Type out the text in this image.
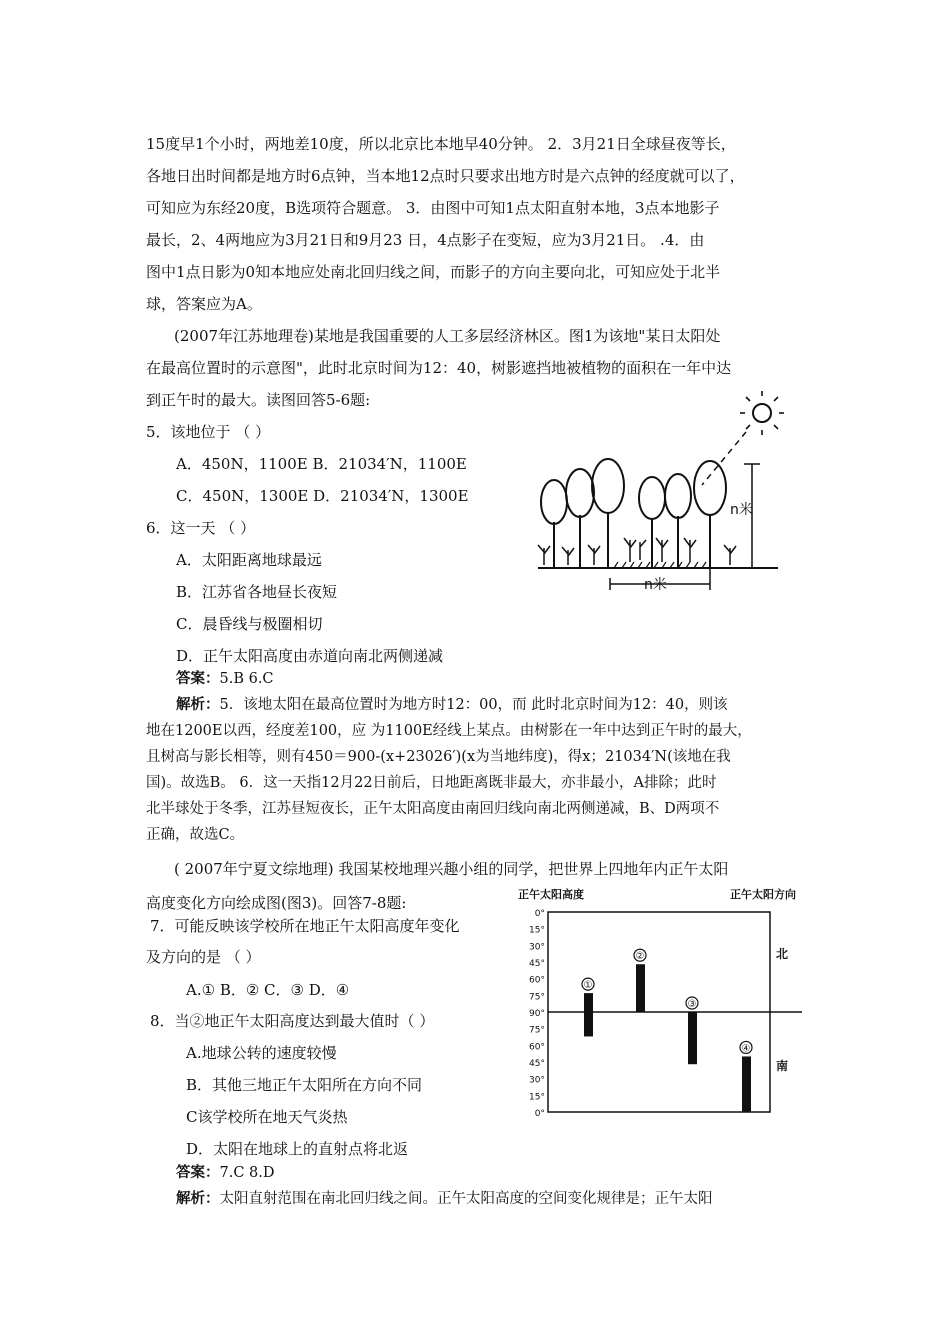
15度早1个小时，两地差10度，所以北京比本地早40分钟。 2．3月21日全球昼夜等长，
各地日出时间都是地方时6点钟，当本地12点时只要求出地方时是六点钟的经度就可以了，
可知应为东经20度，B选项符合题意。 3．由图中可知1点太阳直射本地，3点本地影子
最长，2、4两地应为3月21日和9月23 日，4点影子在变短，应为3月21日。 .4．由
图中1点日影为0知本地应处南北回归线之间，而影子的方向主要向北，可知应处于北半
球，答案应为A。
(2007年江苏地理卷)某地是我国重要的人工多层经济林区。图1为该地"某日太阳处
在最高位置时的示意图"，此时北京时间为12：40，树影遮挡地被植物的面积在一年中达
到正午时的最大。读图回答5-6题:
5．该地位于 （ ）
A．450N，1100E B．21034′N，1100E
C．450N，1300E D．21034′N，1300E
6．这一天 （ ）
A．太阳距离地球最远
B．江苏省各地昼长夜短
C．晨昏线与极圈相切
D．正午太阳高度由赤道向南北两侧递减
答案：5.B 6.C
解析：5．该地太阳在最高位置时为地方时12：00，而 此时北京时间为12：40，则该
地在1200E以西，经度差100，应 为1100E经线上某点。由树影在一年中达到正午时的最大，
且树高与影长相等，则有450＝900-(x+23026′)(x为当地纬度)，得x；21034′N(该地在我
国)。故选B。 6．这一天指12月22日前后，日地距离既非最大，亦非最小，A排除；此时
北半球处于冬季，江苏昼短夜长，正午太阳高度由南回归线向南北两侧递减，B、D两项不
正确，故选C。
( 2007年宁夏文综地理) 我国某校地理兴趣小组的同学，把世界上四地年内正午太阳
高度变化方向绘成图(图3)。回答7-8题:
7．可能反映该学校所在地正午太阳高度年变化
及方向的是 （ ）
A.① B．② C．③ D．④
8．当②地正午太阳高度达到最大值时（ ）
A.地球公转的速度较慢
B．其他三地正午太阳所在方向不同
C该学校所在地天气炎热
D．太阳在地球上的直射点将北返
答案：7.C 8.D
解析：太阳直射范围在南北回归线之间。正午太阳高度的空间变化规律是；正午太阳
n米
n米
正午太阳高度	正午太阳方向
北
南
0°
15°
30°
45°
60°
75°
90°
75°
60°
45°
30°
15°
0°
①
②
③
④
